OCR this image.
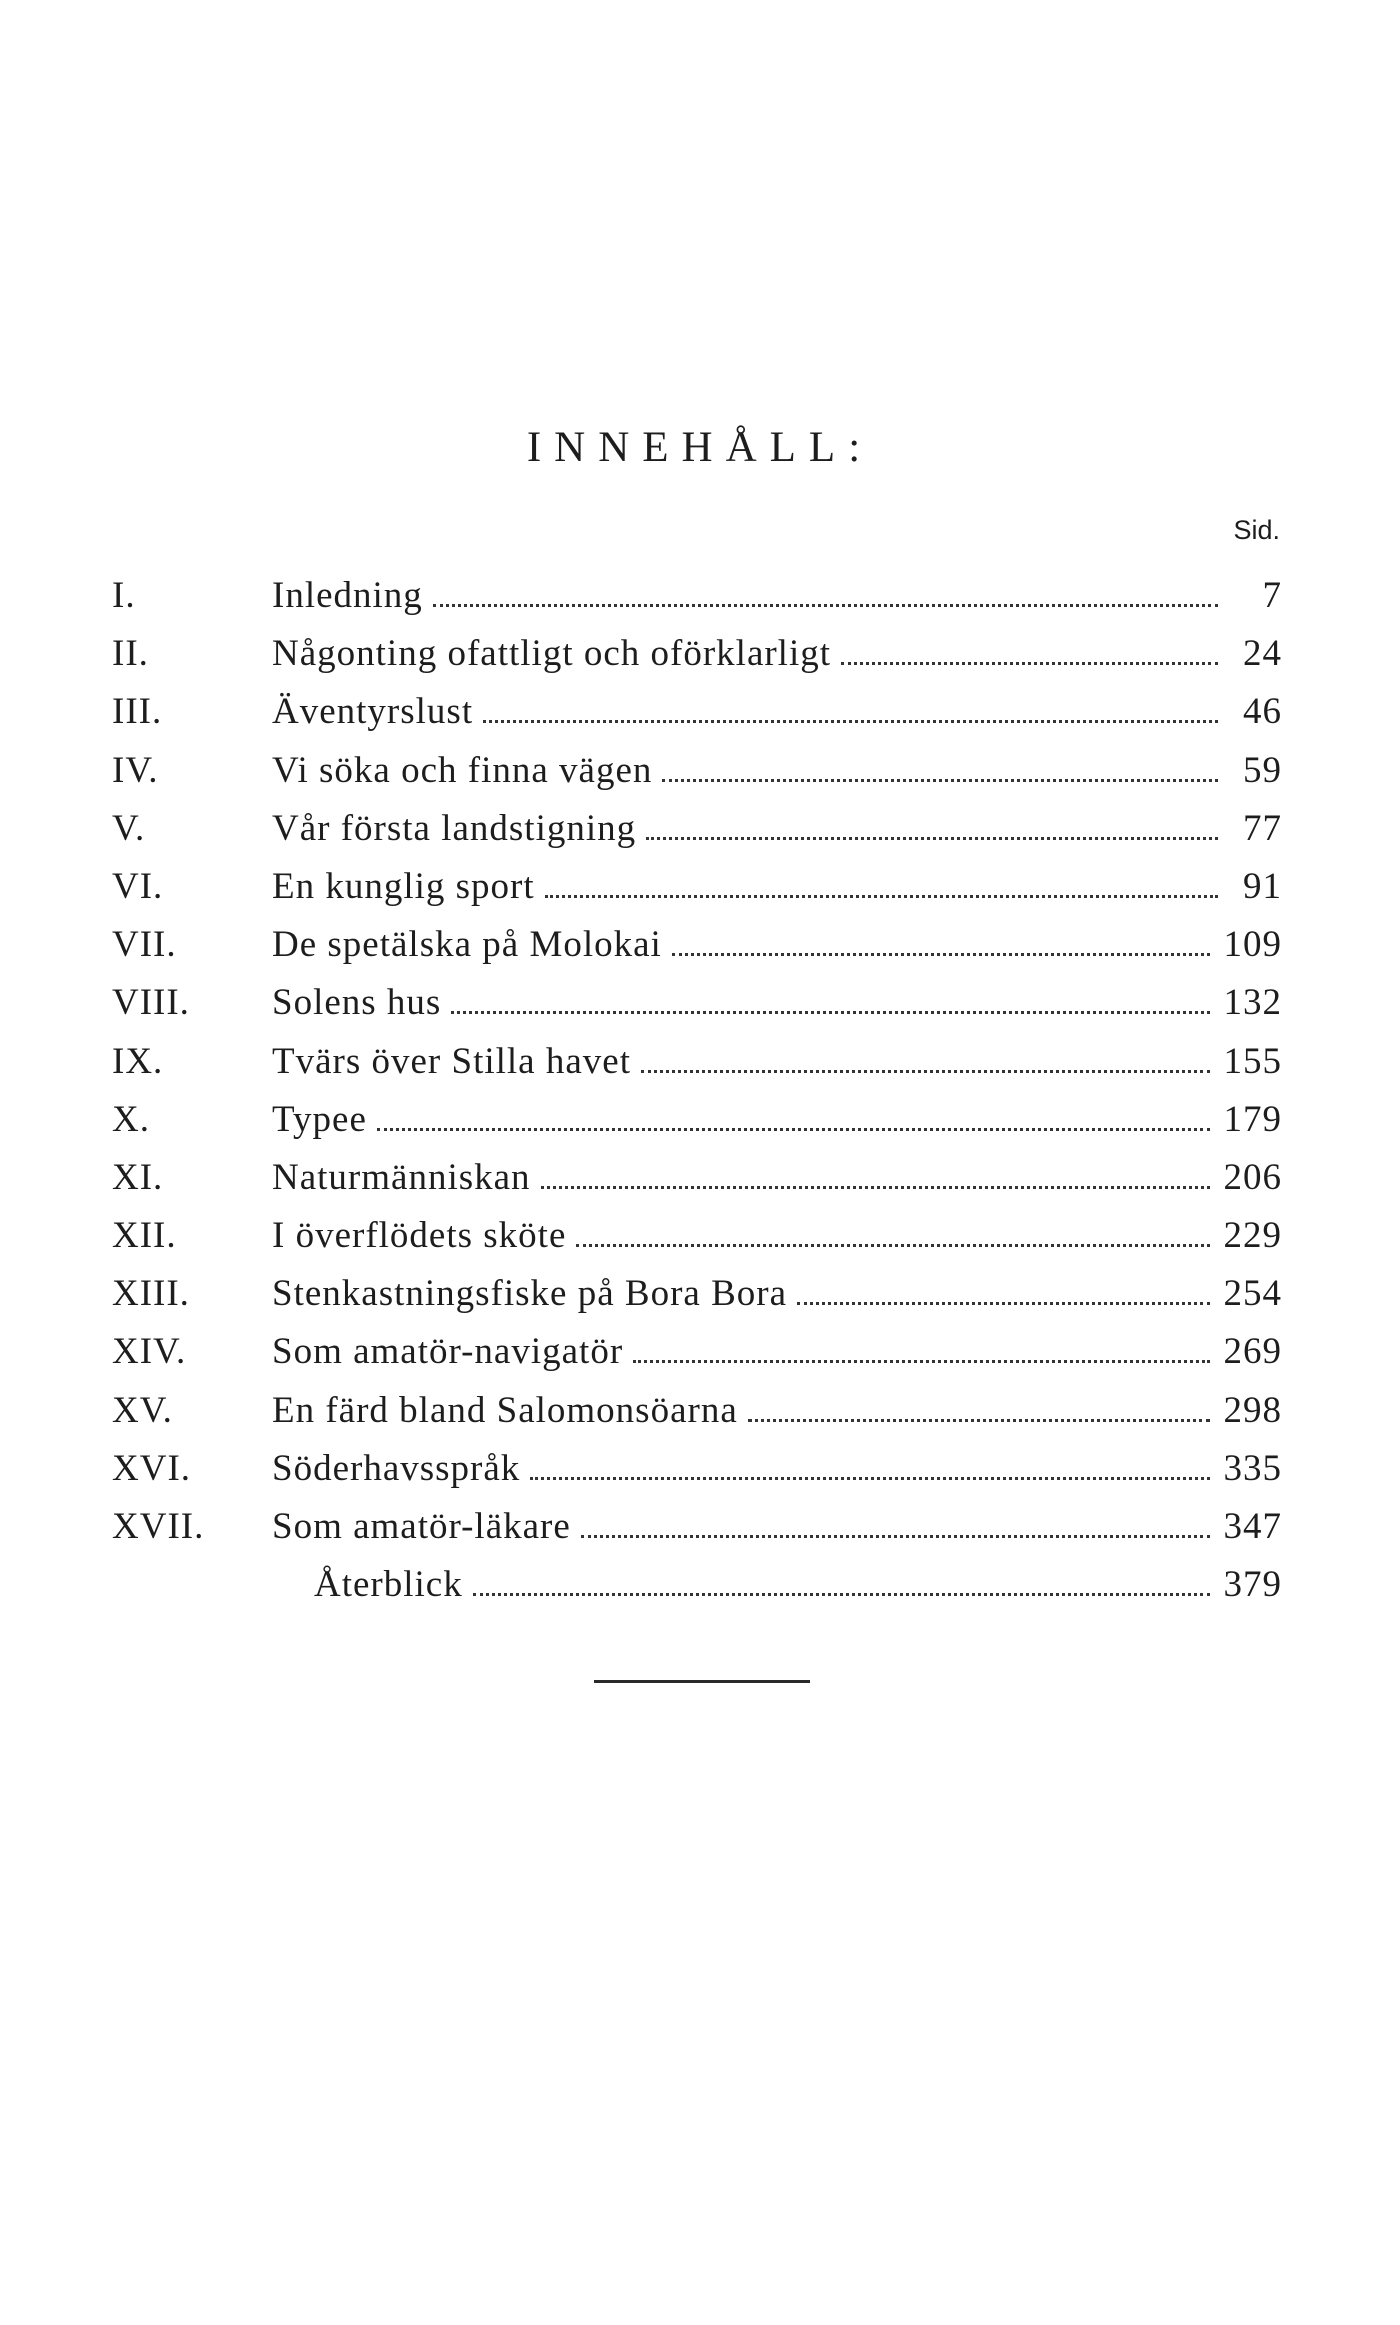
INNEHÅLL:
Sid.
I.	Inledning	7
II.	Någonting ofattligt och oförklarligt	24
III.	Äventyrslust	46
IV.	Vi söka och finna vägen	59
V.	Vår första landstigning	77
VI.	En kunglig sport	91
VII.	De spetälska på Molokai	109
VIII.	Solens hus	132
IX.	Tvärs över Stilla havet	155
X.	Typee	179
XI.	Naturmänniskan	206
XII.	I överflödets sköte	229
XIII.	Stenkastningsfiske på Bora Bora	254
XIV.	Som amatör-navigatör	269
XV.	En färd bland Salomonsöarna	298
XVI.	Söderhavsspråk	335
XVII.	Som amatör-läkare	347
Återblick	379
